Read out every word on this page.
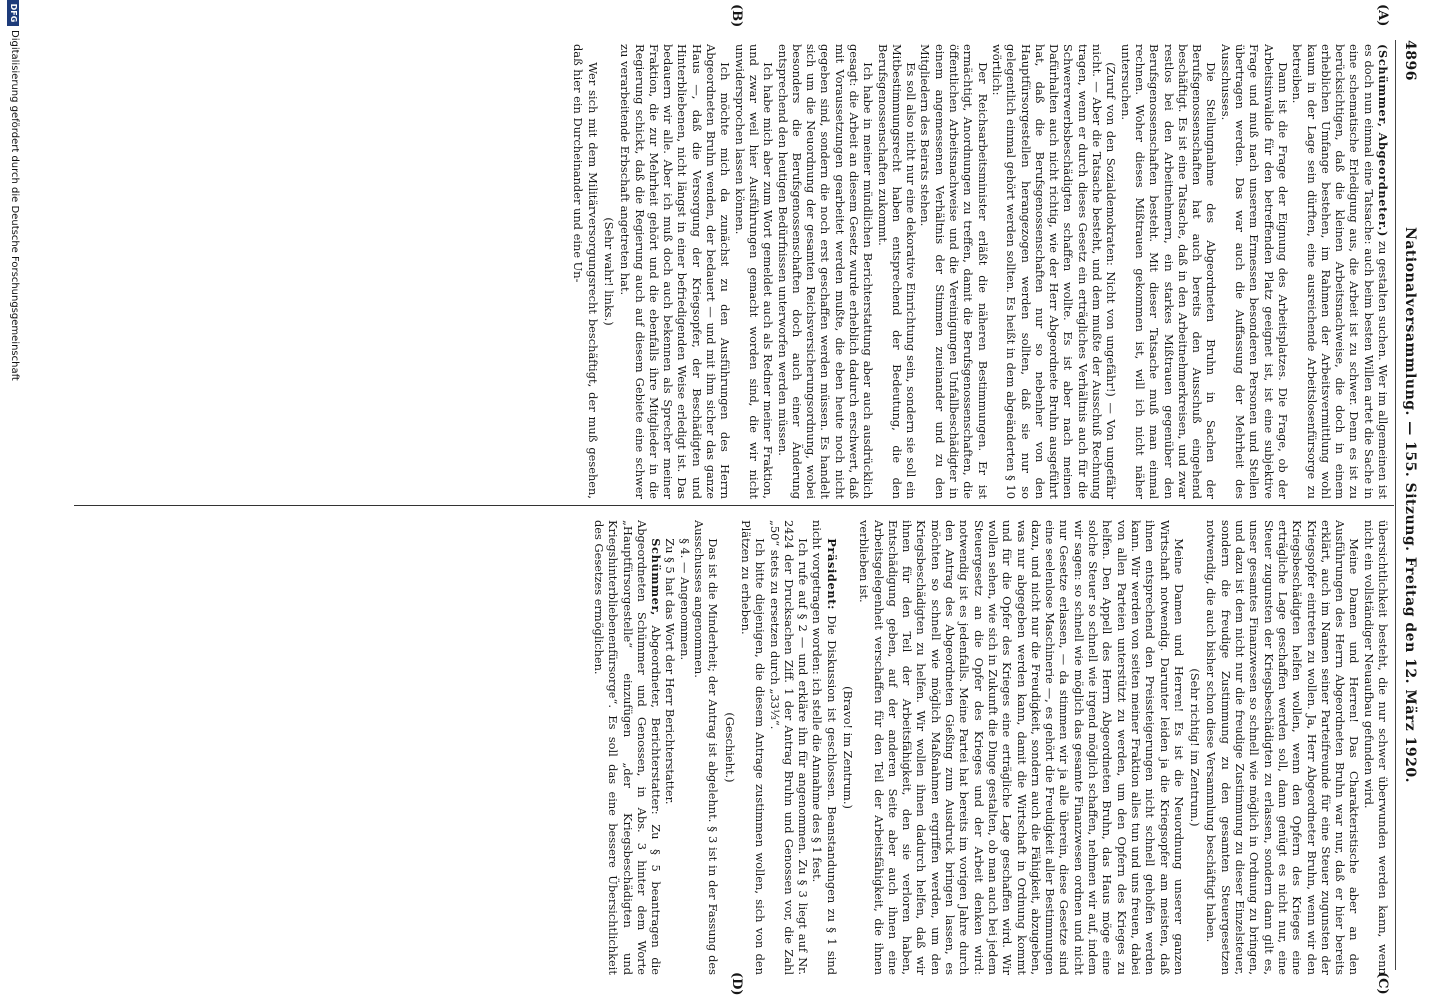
4896
Nationalversammlung. — 155. Sitzung. Freitag den 12. März 1920.
(A)
(B)
(C)
(D)

(Schümmer, Abgeordneter.) zu gestalten suchen. Wer im allgemeinen ist es doch nun einmal eine Tatsache: auch beim besten Willen artet die Sache in eine schematische Erledigung aus, die Arbeit ist zu schwer. Denn es ist zu berücksichtigen, daß die kleinen Arbeitsnachweise, die doch in einem erheblichen Umfange bestehen, im Rahmen der Arbeitsvermittlung wohl kaum in der Lage sein dürften, eine ausreichende Arbeitslosenfürsorge zu betreiben.

Dann ist die Frage der Eignung des Arbeitsplatzes. Die Frage, ob der Arbeitsinvalide für den betreffenden Platz geeignet ist, ist eine subjektive Frage und muß nach unserem Ermessen besonderen Personen und Stellen übertragen werden. Das war auch die Auffassung der Mehrheit des Ausschusses.

Die Stellungnahme des Abgeordneten Bruhn in Sachen der Berufsgenossenschaften hat auch bereits den Ausschuß eingehend beschäftigt. Es ist eine Tatsache, daß in den Arbeitnehmerkreisen, und zwar restlos bei den Arbeitnehmern, ein starkes Mißtrauen gegenüber den Berufsgenossenschaften besteht. Mit dieser Tatsache muß man einmal rechnen. Woher dieses Mißtrauen gekommen ist, will ich nicht näher untersuchen.

(Zuruf von den Sozialdemokraten: Nicht von ungefähr!) — Von ungefähr nicht. — Aber die Tatsache besteht, und dem mußte der Ausschuß Rechnung tragen, wenn er durch dieses Gesetz ein erträgliches Verhältnis auch für die Schwererwerbsbeschädigten schaffen wollte. Es ist aber nach meinen Dafürhalten auch nicht richtig, wie der Herr Abgeordnete Bruhn ausgeführt hat, daß die Berufsgenossenschaften nur so nebenher von den Hauptfürsorgestellen herangezogen werden sollten, daß sie nur so gelegentlich einmal gehört werden sollten. Es heißt in dem abgeänderten § 10 wörtlich:

Der Reichsarbeitsminister erläßt die näheren Bestimmungen. Er ist ermächtigt, Anordnungen zu treffen, damit die Berufsgenossenschaften, die öffentlichen Arbeitsnachweise und die Vereinigungen Unfallbeschädigter in einem angemessenen Verhältnis der Stimmen zueinander und zu den Mitgliedern des Beirats stehen.

Es soll also nicht nur eine dekorative Einrichtung sein, sondern sie soll ein Mitbestimmungsrecht haben entsprechend der Bedeutung, die den Berufsgenossenschaften zukommt.

Ich habe in meiner mündlichen Berichterstattung aber auch ausdrücklich gesagt: die Arbeit an diesem Gesetz wurde erheblich dadurch erschwert, daß mit Voraussetzungen gearbeitet werden mußte, die eben heute noch nicht gegeben sind, sondern die noch erst geschaffen werden müssen. Es handelt sich um die Neuordnung der gesamten Reichsversicherungsordnung, wobei besonders die Berufsgenossenschaften doch auch einer Änderung entsprechend den heutigen Bedürfnissen unterworfen werden müssen.

Ich habe mich aber zum Wort gemeldet auch als Redner meiner Fraktion, und zwar weil hier Ausführungen gemacht worden sind, die wir nicht unwidersprochen lassen können.

Ich möchte mich da zunächst zu den Ausführungen des Herrn Abgeordneten Bruhn wenden, der bedauert — und mit ihm sicher das ganze Haus —, daß die Versorgung der Kriegsopfer, der Beschädigten und Hinterbliebenen, nicht längst in einer befriedigenden Weise erledigt ist. Das bedauern wir alle. Aber ich muß doch auch bekennen als Sprecher meiner Fraktion, die zur Mehrheit gehört und die ebenfalls ihre Mitglieder in die Regierung schickt, daß die Regierung auch auf diesem Gebiete eine schwer zu verarbeitende Erbschaft angetreten hat.

(Sehr wahr! links.)

Wer sich mit dem Militärversorgungsrecht beschäftigt, der muß gesehen, daß hier ein Durcheinander und eine Un-

übersichtlichkeit besteht, die nur schwer überwunden werden kann, wenn nicht ein vollständiger Neuaufbau gefunden wird.

Meine Damen und Herren! Das Charakteristische aber an den Ausführungen des Herrn Abgeordneten Bruhn war nur, daß er hier bereits erklärt, auch im Namen seiner Parteifreunde für eine Steuer zugunsten der Kriegsopfer eintreten zu wollen. Ja, Herr Abgeordneter Bruhn, wenn wir den Kriegsbeschädigten helfen wollen, wenn den Opfern des Krieges eine erträgliche Lage geschaffen werden soll, dann genügt es nicht nur, eine Steuer zugunsten der Kriegsbeschädigten zu erlassen, sondern dann gilt es, unser gesamtes Finanzwesen so schnell wie möglich in Ordnung zu bringen, und dazu ist dem nicht nur die freudige Zustimmung zu dieser Einzelsteuer, sondern die freudige Zustimmung zu den gesamten Steuergesetzen notwendig, die auch bisher schon diese Versammlung beschäftigt haben.

(Sehr richtig! im Zentrum.)

Meine Damen und Herren! Es ist die Neuordnung unserer ganzen Wirtschaft notwendig. Darunter leiden ja die Kriegsopfer am meisten, daß ihnen entsprechend den Preissteigerungen nicht schnell geholfen werden kann. Wir werden von seiten meiner Fraktion alles tun und uns freuen, dabei von allen Parteien unterstützt zu werden, um den Opfern des Krieges zu helfen. Den Appell des Herrn Abgeordneten Bruhn, das Haus möge eine solche Steuer so schnell wie irgend möglich schaffen, nehmen wir auf, indem wir sagen: so schnell wie möglich das gesamte Finanzwesen ordnen und nicht nur Gesetze erlassen, — da stimmen wir ja alle überein, diese Gesetze sind eine seelenlose Maschinerie —, es gehört die Freudigkeit aller Bestimmungen dazu, und nicht nur die Freudigkeit, sondern auch die Fähigkeit, abzugeben, was nur abgegeben werden kann, damit die Wirtschaft in Ordnung kommt und für die Opfer des Krieges eine erträgliche Lage geschaffen wird. Wir wollen sehen, wie sich in Zukunft die Dinge gestalten, ob man auch bei jedem Steuergesetz an die Opfer des Krieges und der Arbeit denken wird: notwendig ist es jedenfalls. Meine Partei hat bereits im vorigen Jahre durch den Antrag des Abgeordneten Gießing zum Ausdruck bringen lassen, es möchten so schnell wie möglich Maßnahmen ergriffen werden, um den Kriegsbeschädigten zu helfen. Wir wollen ihnen dadurch helfen, daß wir ihnen für den Teil der Arbeitsfähigkeit, den sie verloren haben, Entschädigung geben, auf der anderen Seite aber auch ihnen eine Arbeitsgelegenheit verschaffen für den Teil der Arbeitsfähigkeit, die ihnen verblieben ist.

(Bravo! im Zentrum.)

Präsident: Die Diskussion ist geschlossen. Beanstandungen zu § 1 sind nicht vorgetragen worden: ich stelle die Annahme des § 1 fest.

Ich rufe auf § 2 — und erkläre ihn für angenommen. Zu § 3 liegt auf Nr. 2424 der Drucksachen Ziff. 1 der Antrag Bruhn und Genossen vor, die Zahl „50“ stets zu ersetzen durch „33⅓“.

Ich bitte diejenigen, die diesem Antrage zustimmen wollen, sich von den Plätzen zu erheben.

(Geschieht.)

Das ist die Minderheit; der Antrag ist abgelehnt. § 3 ist in der Fassung des Ausschusses angenommen.

§ 4. — Angenommen.

Zu § 5 hat das Wort der Herr Berichterstatter.

Schümmer, Abgeordneter, Berichterstatter: Zu § 5 beantragen die Abgeordneten Schümmer und Genossen, in Abs. 3 hinter dem Worte „Hauptfürsorgestelle“ einzufügen „der Kriegsbeschädigten und Kriegshinterbliebenenfürsorge“. Es soll das eine bessere Übersichtlichkeit des Gesetzes ermöglichen.

DFG
Digitalisierung gefördert durch die Deutsche Forschungsgemeinschaft
